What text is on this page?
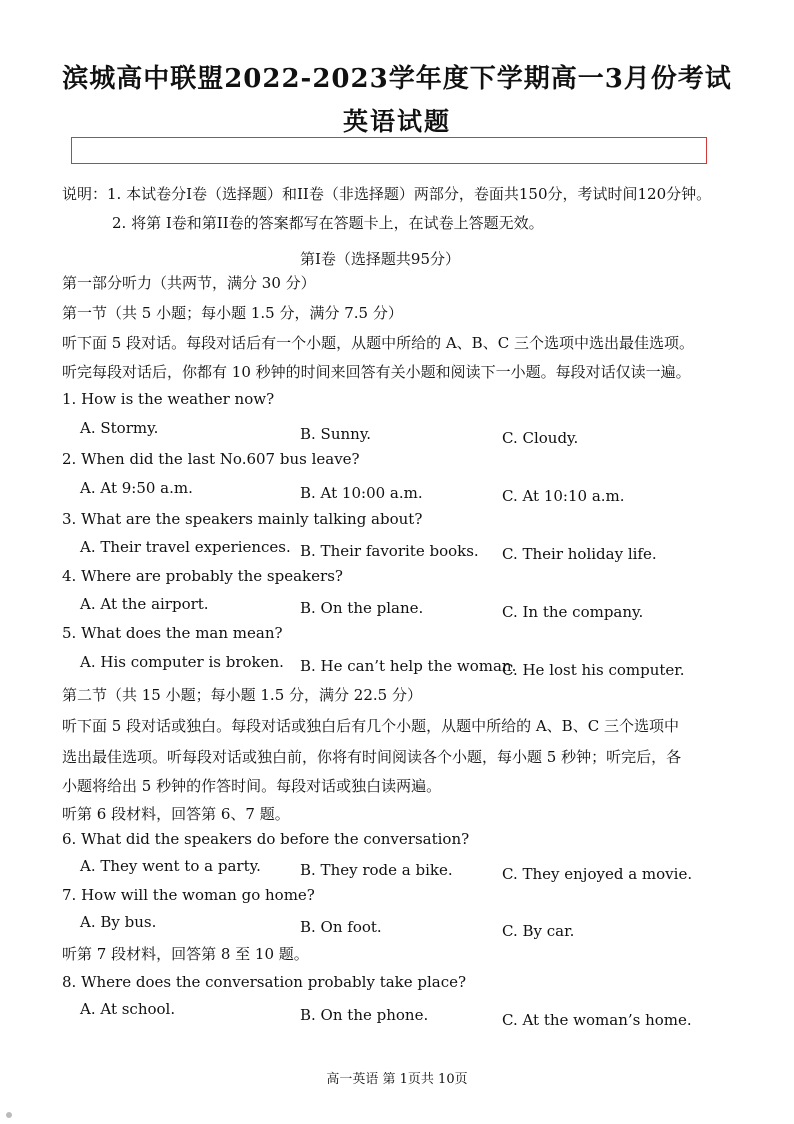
滨城高中联盟2022-2023学年度下学期高一3月份考试
英语试题
说明：1. 本试卷分I卷（选择题）和II卷（非选择题）两部分，卷面共150分，考试时间120分钟。
2. 将第 I卷和第II卷的答案都写在答题卡上，在试卷上答题无效。
第I卷（选择题共95分）
第一部分听力（共两节，满分 30 分）
第一节（共 5 小题；每小题 1.5 分，满分 7.5 分）
听下面 5 段对话。每段对话后有一个小题，从题中所给的 A、B、C 三个选项中选出最佳选项。
听完每段对话后，你都有 10 秒钟的时间来回答有关小题和阅读下一小题。每段对话仅读一遍。
1. How is the weather now?
A. Stormy.	B. Sunny.	C. Cloudy.
2. When did the last No.607 bus leave?
A. At 9:50 a.m.	B. At 10:00 a.m.	C. At 10:10 a.m.
3. What are the speakers mainly talking about?
A. Their travel experiences. B. Their favorite books. C. Their holiday life.
4. Where are probably the speakers?
A. At the airport.	B. On the plane.	C. In the company.
5. What does the man mean?
A. His computer is broken. B. He can’t help the woman.
C. He lost his computer.
第二节（共 15 小题；每小题 1.5 分，满分 22.5 分）
听下面 5 段对话或独白。每段对话或独白后有几个小题，从题中所给的 A、B、C 三个选项中
选出最佳选项。听每段对话或独白前，你将有时间阅读各个小题，每小题 5 秒钟；听完后，各
小题将给出 5 秒钟的作答时间。每段对话或独白读两遍。
听第 6 段材料，回答第 6、7 题。
6. What did the speakers do before the conversation?
A. They went to a party.	B. They rode a bike.	C. They enjoyed a movie.
7. How will the woman go home?
A. By bus.	B. On foot.	C. By car.
听第 7 段材料，回答第 8 至 10 题。
8. Where does the conversation probably take place?
A. At school.	B. On the phone.	C. At the woman’s home.
高一英语 第 1页共 10页
